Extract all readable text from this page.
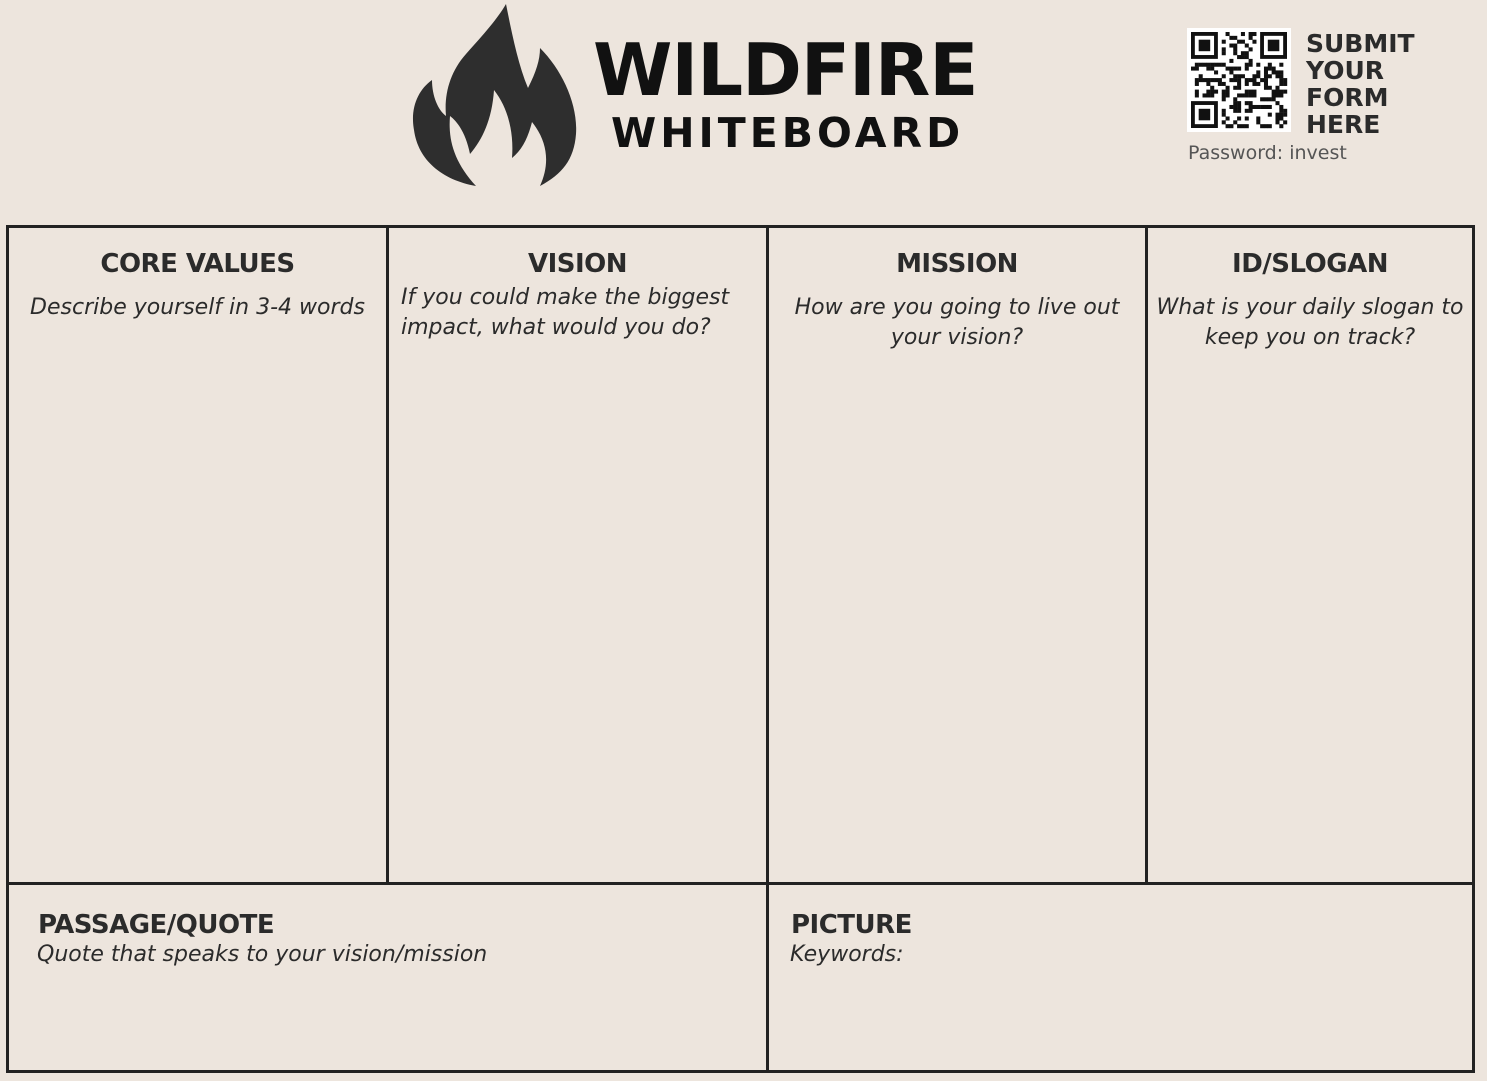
WILDFIRE
WHITEBOARD
SUBMIT
YOUR
FORM
HERE
Password: invest
CORE VALUES
Describe yourself in 3-4 words
VISION
If you could make the biggest impact, what would you do?
MISSION
How are you going to live out your vision?
ID/SLOGAN
What is your daily slogan to keep you on track?
PASSAGE/QUOTE
Quote that speaks to your vision/mission
PICTURE
Keywords:
